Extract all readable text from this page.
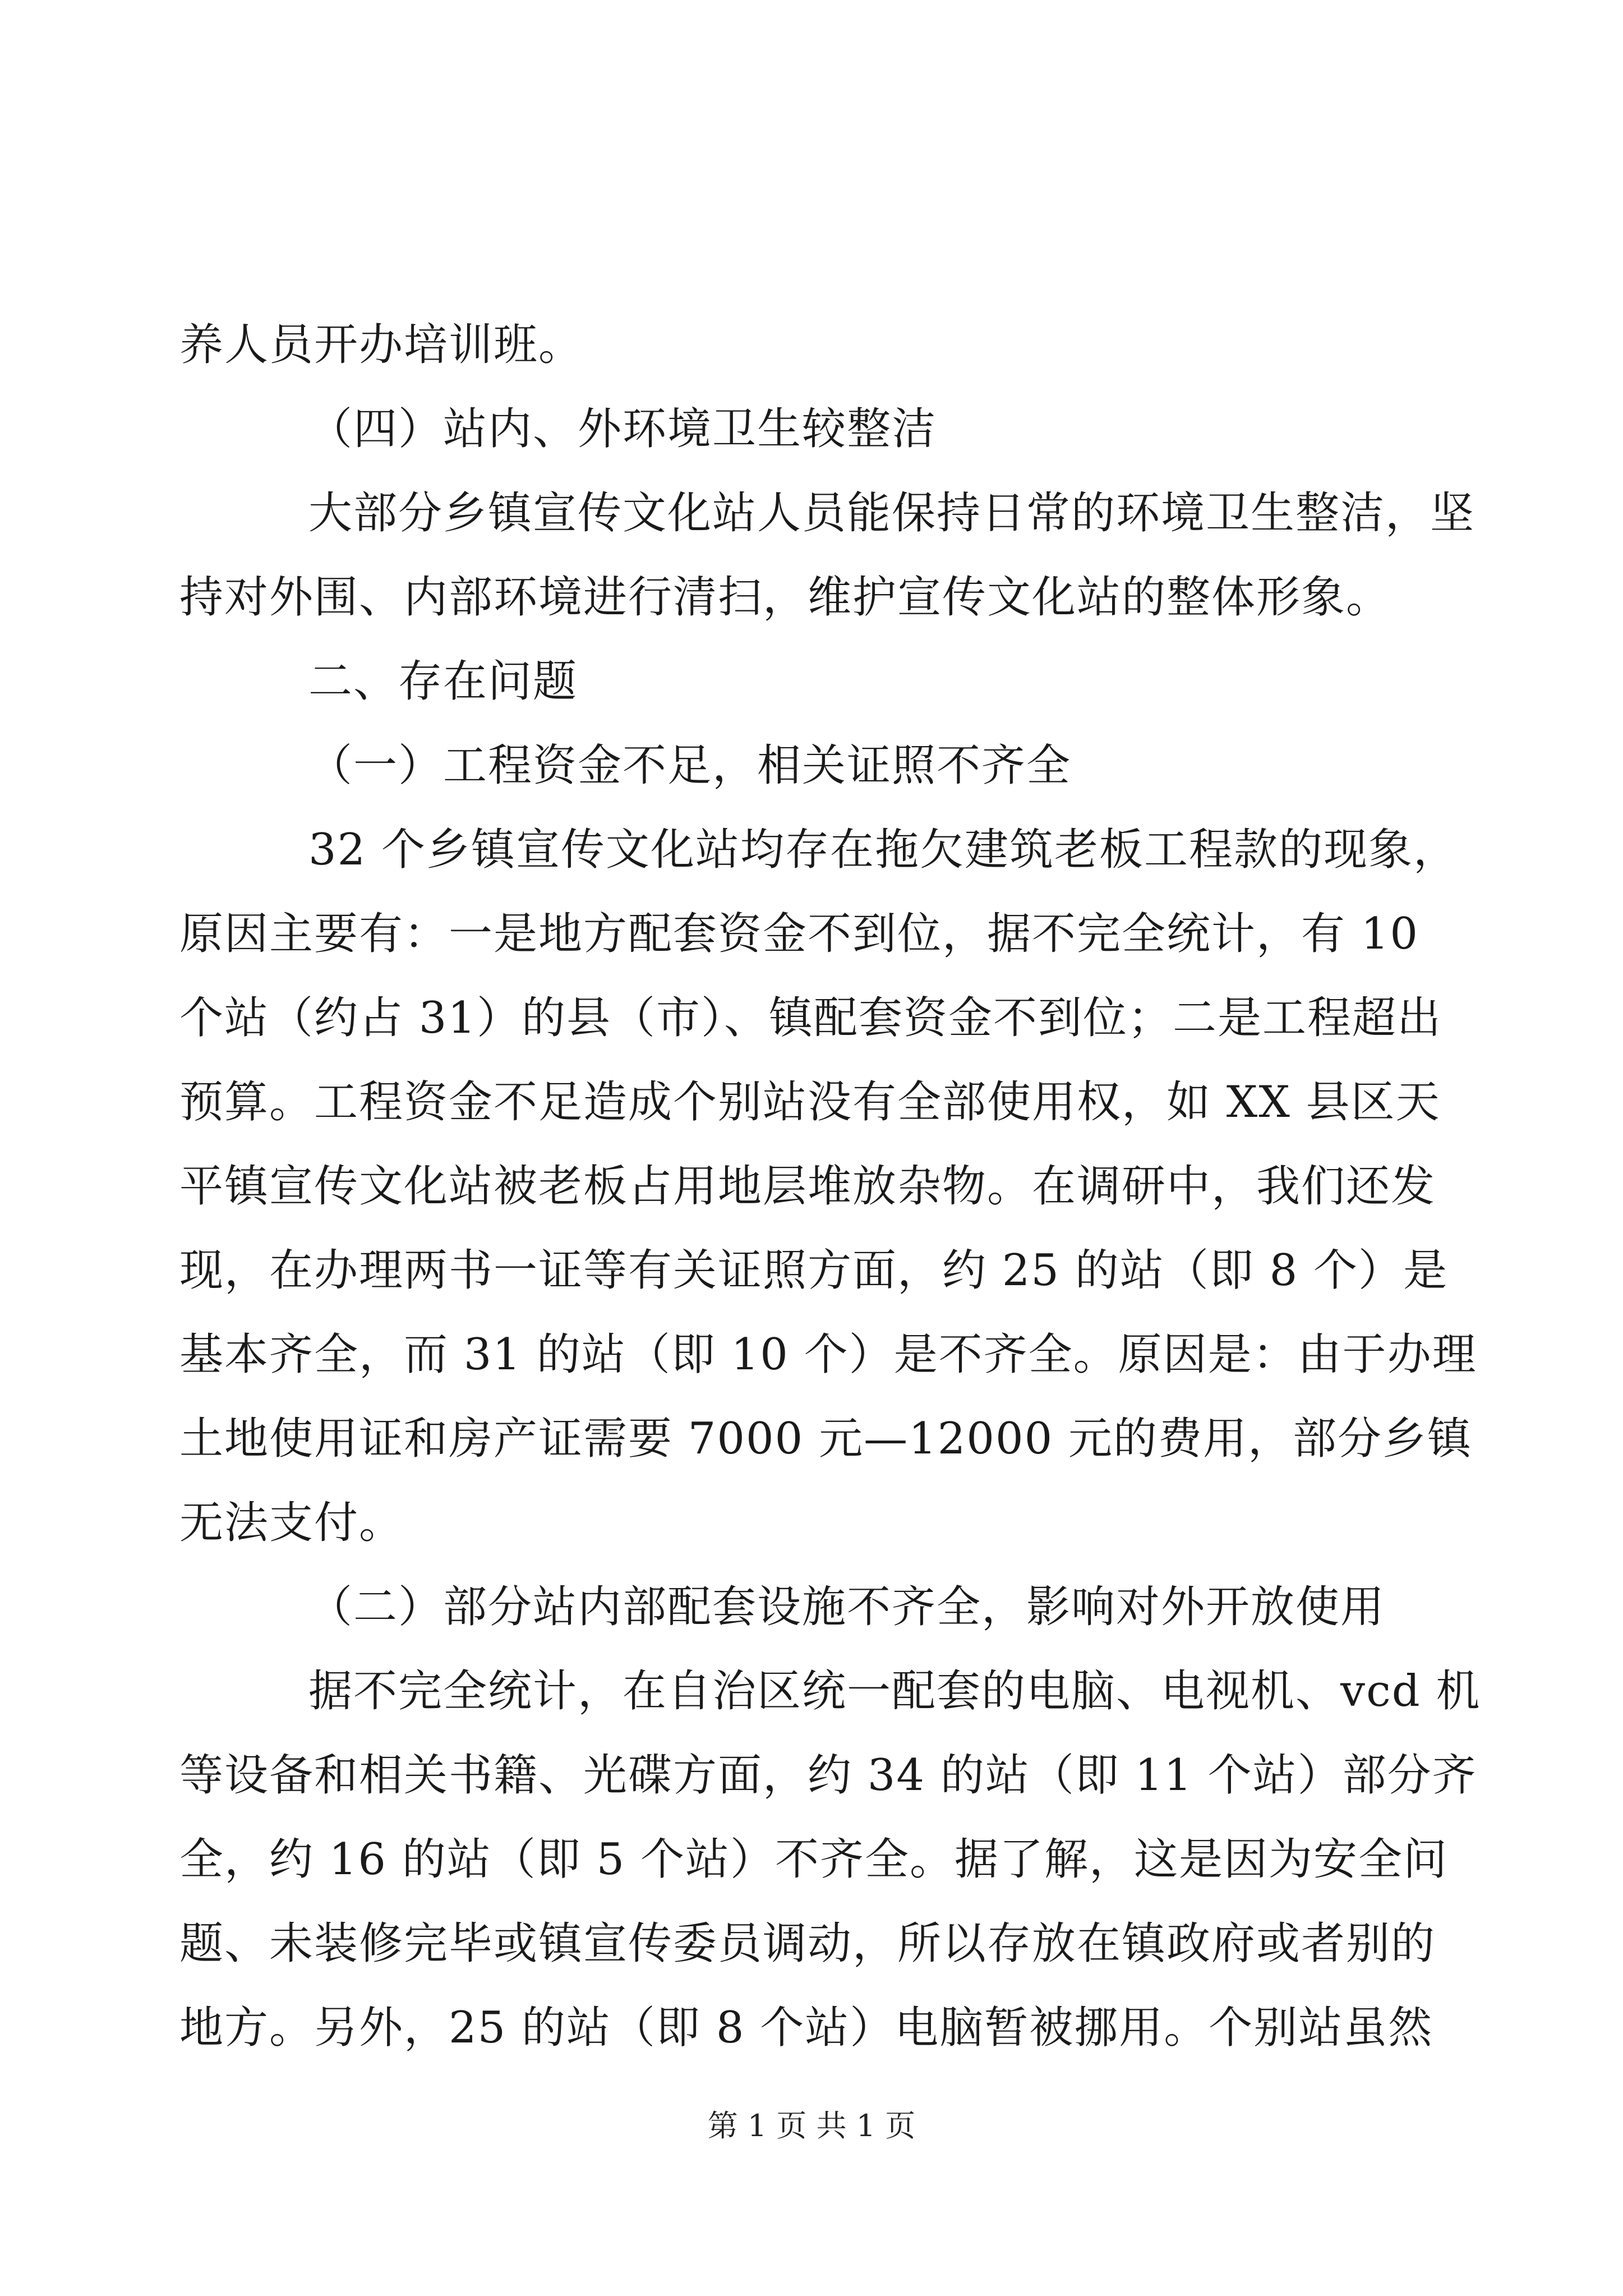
养人员开办培训班。
（四）站内、外环境卫生较整洁
大部分乡镇宣传文化站人员能保持日常的环境卫生整洁，坚
持对外围、内部环境进行清扫，维护宣传文化站的整体形象。
二、存在问题
（一）工程资金不足，相关证照不齐全
32 个乡镇宣传文化站均存在拖欠建筑老板工程款的现象，
原因主要有：一是地方配套资金不到位，据不完全统计，有 10
个站（约占 31）的县（市）、镇配套资金不到位；二是工程超出
预算。工程资金不足造成个别站没有全部使用权，如 XX 县区天
平镇宣传文化站被老板占用地层堆放杂物。在调研中，我们还发
现，在办理两书一证等有关证照方面，约 25 的站（即 8 个）是
基本齐全，而 31 的站（即 10 个）是不齐全。原因是：由于办理
土地使用证和房产证需要 7000 元—12000 元的费用，部分乡镇
无法支付。
（二）部分站内部配套设施不齐全，影响对外开放使用
据不完全统计，在自治区统一配套的电脑、电视机、vcd 机
等设备和相关书籍、光碟方面，约 34 的站（即 11 个站）部分齐
全，约 16 的站（即 5 个站）不齐全。据了解，这是因为安全问
题、未装修完毕或镇宣传委员调动，所以存放在镇政府或者别的
地方。另外，25 的站（即 8 个站）电脑暂被挪用。个别站虽然
第 1 页 共 1 页
